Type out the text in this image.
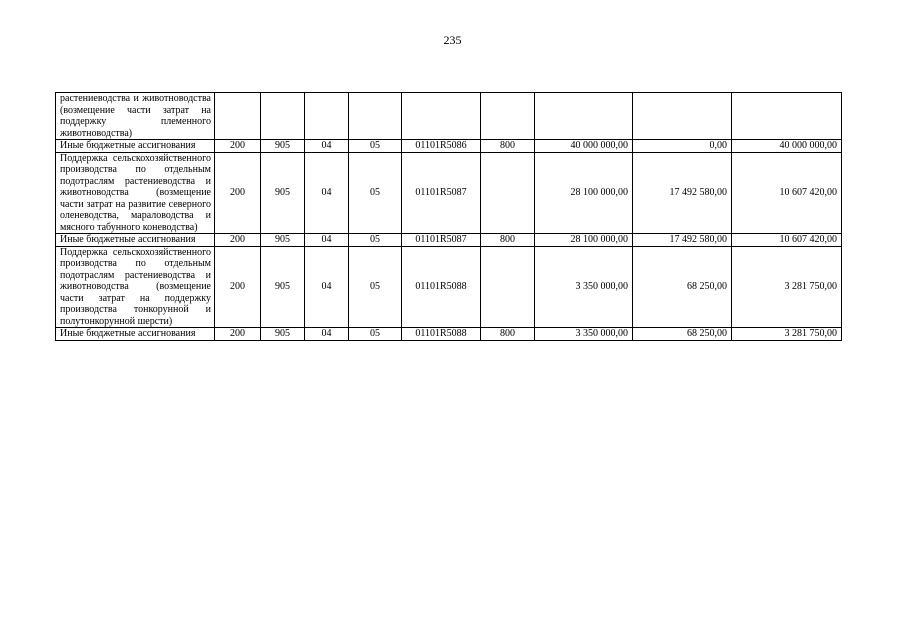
235
растениеводства и животноводства (возмещение части затрат на поддержку племенного животноводства)									
Иные бюджетные ассигнования	200	905	04	05	01101R5086	800	40 000 000,00	0,00	40 000 000,00
Поддержка сельскохозяйственного производства по отдельным подотраслям растениеводства и животноводства (возмещение части затрат на развитие северного оленеводства, мараловодства и мясного табунного коневодства)	200	905	04	05	01101R5087		28 100 000,00	17 492 580,00	10 607 420,00
Иные бюджетные ассигнования	200	905	04	05	01101R5087	800	28 100 000,00	17 492 580,00	10 607 420,00
Поддержка сельскохозяйственного производства по отдельным подотраслям растениеводства и животноводства (возмещение части затрат на поддержку производства тонкорунной и полутонкорунной шерсти)	200	905	04	05	01101R5088		3 350 000,00	68 250,00	3 281 750,00
Иные бюджетные ассигнования	200	905	04	05	01101R5088	800	3 350 000,00	68 250,00	3 281 750,00
